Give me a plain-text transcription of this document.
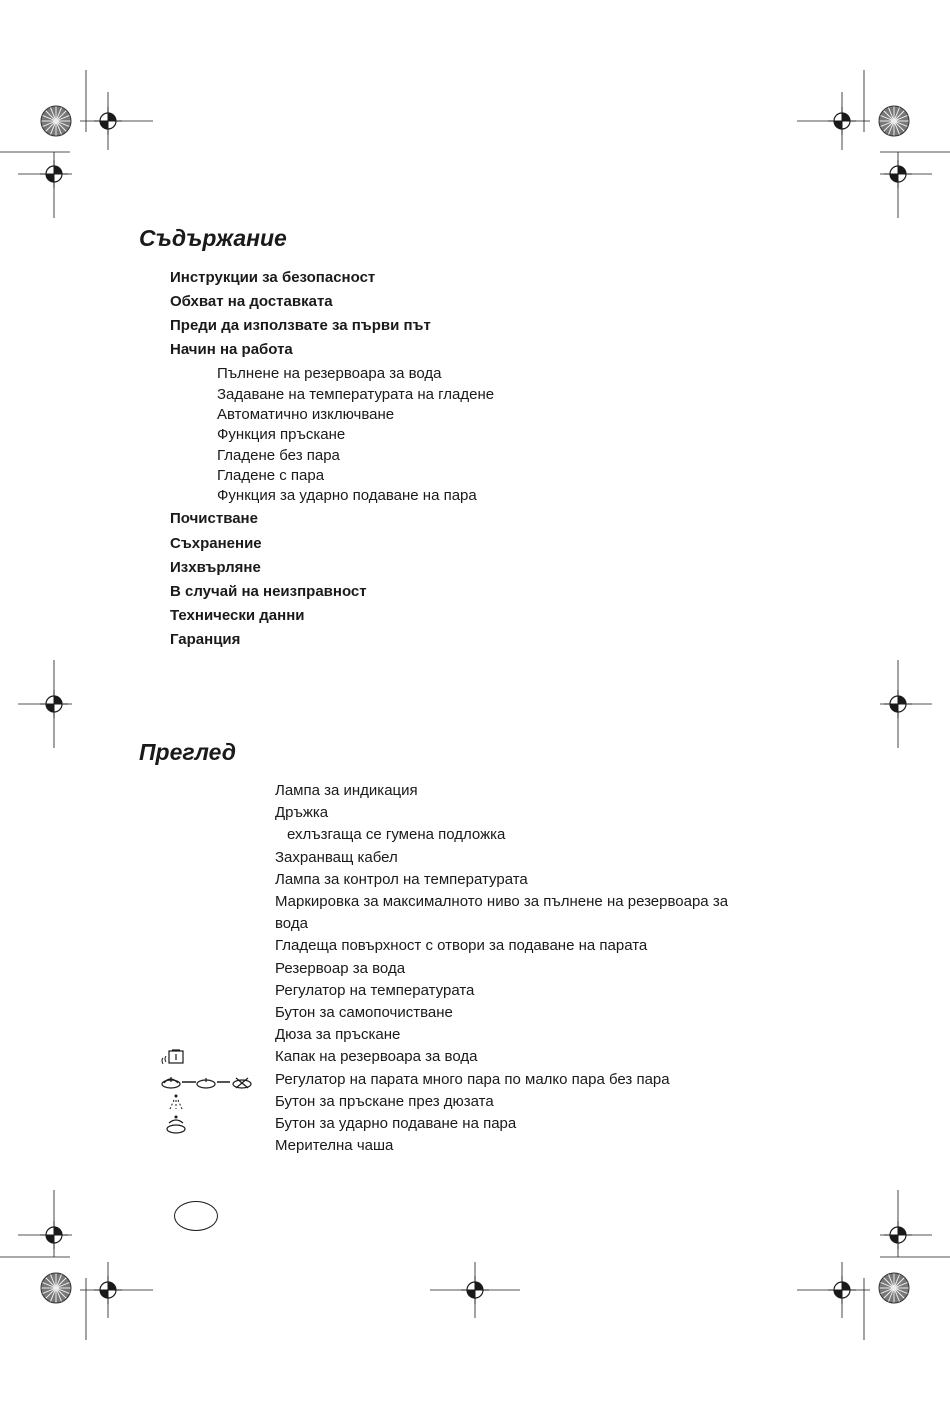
Съдържание
Инструкции за безопасност
Обхват на доставката
Преди да използвате за първи път
Начин на работа
Пълнене на резервоара за вода
Задаване на температурата на гладене
Автоматично изключване
Функция пръскане
Гладене без пара
Гладене с пара
Функция за ударно подаване на пара
Почистване
Съхранение
Изхвърляне
В случай на неизправност
Технически данни
Гаранция
Преглед
Лампа за индикация
Дръжка
ехлъзгаща се гумена подложка
Захранващ кабел
Лампа за контрол на температурата
Маркировка за максималното ниво за пълнене на резервоара за
вода
Гладеща повърхност с отвори за подаване на парата
Резервоар за вода
Регулатор на температурата
Бутон за самопочистване
Дюза за пръскане
Капак на резервоара за вода
Регулатор на парата много пара по малко пара без пара
Бутон за пръскане през дюзата
Бутон за ударно подаване на пара
Мерителна чаша
